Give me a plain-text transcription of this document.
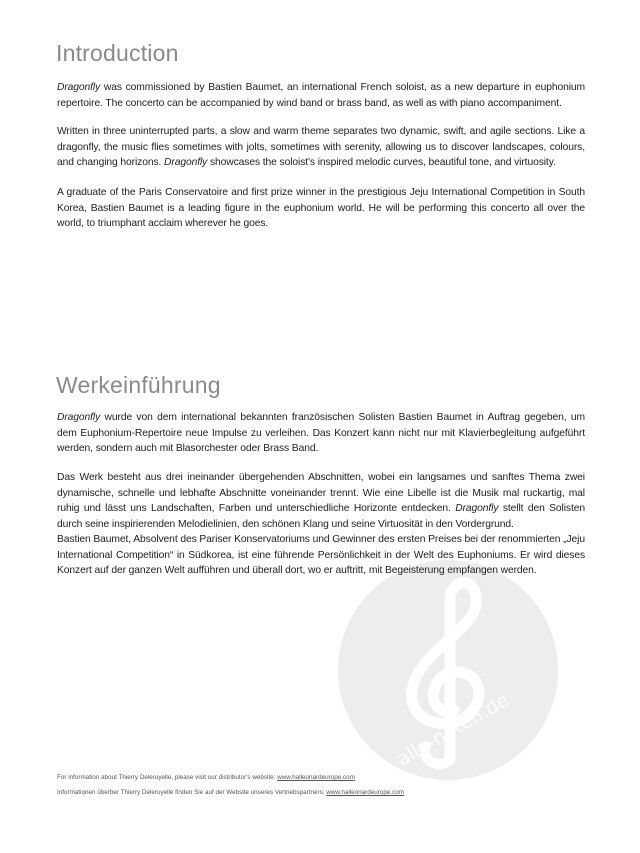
alle-noten.de
Introduction

Dragonfly was commissioned by Bastien Baumet, an international French soloist, as a new departure in euphonium repertoire. The concerto can be accompanied by wind band or brass band, as well as with piano accompaniment.

Written in three uninterrupted parts, a slow and warm theme separates two dynamic, swift, and agile sections. Like a dragonfly, the music flies sometimes with jolts, sometimes with serenity, allowing us to discover landscapes, colours, and changing horizons. Dragonfly showcases the soloist's inspired melodic curves, beautiful tone, and virtuosity.

A graduate of the Paris Conservatoire and first prize winner in the prestigious Jeju International Competition in South Korea, Bastien Baumet is a leading figure in the euphonium world. He will be performing this concerto all over the world, to triumphant acclaim wherever he goes.

Werkeinführung

Dragonfly wurde von dem international bekannten französischen Solisten Bastien Baumet in Auftrag gegeben, um dem Euphonium-Repertoire neue Impulse zu verleihen. Das Konzert kann nicht nur mit Klavierbegleitung aufgeführt werden, sondern auch mit Blasorchester oder Brass Band.

Das Werk besteht aus drei ineinander übergehenden Abschnitten, wobei ein langsames und sanftes Thema zwei dynamische, schnelle und lebhafte Abschnitte voneinander trennt. Wie eine Libelle ist die Musik mal ruckartig, mal ruhig und lässt uns Landschaften, Farben und unterschiedliche Horizonte entdecken. Dragonfly stellt den Solisten durch seine inspirierenden Melodielinien, den schönen Klang und seine Virtuosität in den Vordergrund.

Bastien Baumet, Absolvent des Pariser Konservatoriums und Gewinner des ersten Preises bei der renommierten „Jeju International Competition“ in Südkorea, ist eine führende Persönlichkeit in der Welt des Euphoniums. Er wird dieses Konzert auf der ganzen Welt aufführen und überall dort, wo er auftritt, mit Begeisterung empfangen werden.

For information about Thierry Deleruyelle, please visit our distributor's website: www.halleonardeurope.com

Informationen überber Thierry Deleruyelle finden Sie auf der Website unseres Vertriebspartners: www.halleonardeurope.com
